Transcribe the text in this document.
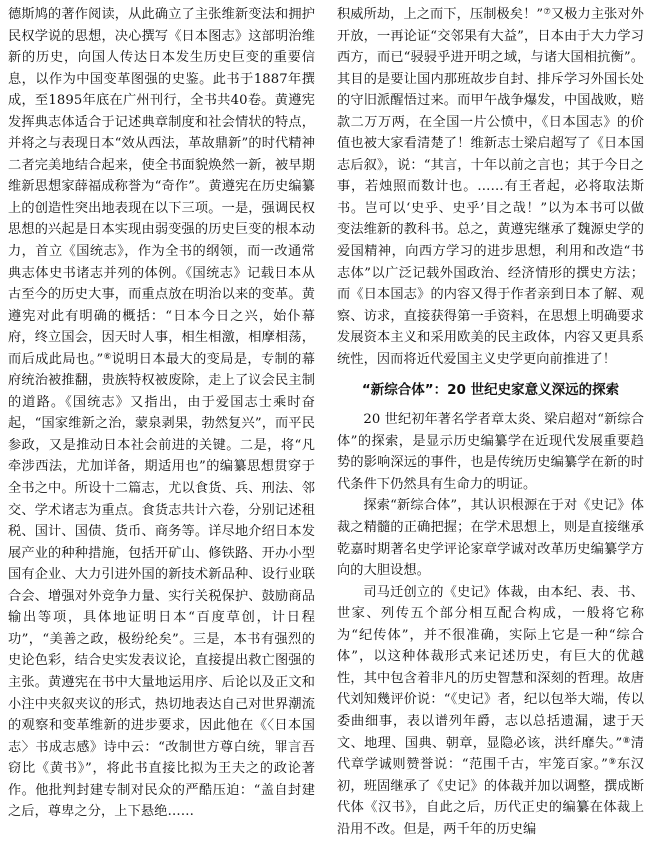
德斯鸠的著作阅读，从此确立了主张维新变法和拥护民权学说的思想，决心撰写《日本图志》这部明治维新的历史，向国人传达日本发生历史巨变的重要信息，以作为中国变革图强的史鉴。此书于1887年撰成，至1895年底在广州刊行，全书共40卷。黄遵宪发挥典志体适合于记述典章制度和社会情状的特点，并将之与表现日本“效从西法，革故鼎新”的时代精神二者完美地结合起来，使全书面貌焕然一新，被早期维新思想家薛福成称誉为“奇作”。黄遵宪在历史编纂上的创造性突出地表现在以下三项。一是，强调民权思想的兴起是日本实现由弱变强的历史巨变的根本动力，首立《国统志》，作为全书的纲领，而一改通常典志体史书诸志并列的体例。《国统志》记载日本从古至今的历史大事，而重点放在明治以来的变革。黄遵宪对此有明确的概括：“日本今日之兴，始仆幕府，终立国会，因天时人事，相生相激，相摩相荡，而后成此局也。”⑥说明日本最大的变局是，专制的幕府统治被推翻，贵族特权被废除，走上了议会民主制的道路。《国统志》又指出，由于爱国志士乘时奋起，“国家维新之治，蒙泉剥果，勃然复兴”，而平民参政，又是推动日本社会前进的关键。二是，将“凡牵涉西法，尤加详备，期适用也”的编纂思想贯穿于全书之中。所设十二篇志，尤以食货、兵、刑法、邻交、学术诸志为重点。食货志共计六卷，分别记述租税、国计、国债、货币、商务等。详尽地介绍日本发展产业的种种措施，包括开矿山、修铁路、开办小型国有企业、大力引进外国的新技术新品种、设行业联合会、增强对外竞争力量、实行关税保护、鼓励商品输出等项，具体地证明日本“百度草创，计日程功”，“美善之政，极纷纶矣”。三是，本书有强烈的史论色彩，结合史实发表议论，直接提出救亡图强的主张。黄遵宪在书中大量地运用序、后论以及正文和小注中夹叙夹议的形式，热切地表达自己对世界潮流的观察和变革维新的进步要求，因此他在《〈日本国志〉书成志感》诗中云：“改制世方尊白统，罪言吾窃比《黄书》”，将此书直接比拟为王夫之的政论著作。他批判封建专制对民众的严酷压迫：“盖自封建之后，尊卑之分，上下悬绝……

积威所劫，上之而下，压制极矣！”⑦又极力主张对外开放，一再论证“交邻果有大益”，日本由于大力学习西方，而已“骎骎乎进开明之域，与诸大国相抗衡”。其目的是要让国内那班故步自封、排斥学习外国长处的守旧派醒悟过来。而甲午战争爆发，中国战败，赔款二万万两，在全国一片公愤中，《日本国志》的价值也被大家看清楚了！维新志士梁启超写了《日本国志后叙》，说：“其言，十年以前之言也；其于今日之事，若烛照而数计也。……有王者起，必将取法斯书。岂可以‘史乎、史乎’目之哉！”以为本书可以做变法维新的教科书。总之，黄遵宪继承了魏源史学的爱国精神，向西方学习的进步思想，利用和改造“书志体”以广泛记载外国政治、经济情形的撰史方法；而《日本国志》的内容又得于作者亲到日本了解、观察、访求，直接获得第一手资料，在思想上明确要求发展资本主义和采用欧美的民主政体，内容又更具系统性，因而将近代爱国主义史学更向前推进了！

“新综合体”：20 世纪史家意义深远的探索

20 世纪初年著名学者章太炎、梁启超对“新综合体”的探索，是显示历史编纂学在近现代发展重要趋势的影响深远的事件，也是传统历史编纂学在新的时代条件下仍然具有生命力的明证。

探索“新综合体”，其认识根源在于对《史记》体裁之精髓的正确把握；在学术思想上，则是直接继承乾嘉时期著名史学评论家章学诚对改革历史编纂学方向的大胆设想。

司马迁创立的《史记》体裁，由本纪、表、书、世家、列传五个部分相互配合构成，一般将它称为“纪传体”，并不很准确，实际上它是一种“综合体”，以这种体裁形式来记述历史，有巨大的优越性，其中包含着非凡的历史智慧和深刻的哲理。故唐代刘知幾评价说：“《史记》者，纪以包举大端，传以委曲细事，表以谱列年爵，志以总括遗漏，逮于天文、地理、国典、朝章，显隐必该，洪纤靡失。”⑧清代章学诚则赞誉说：“范围千古，牢笼百家。”⑨东汉初，班固继承了《史记》的体裁并加以调整，撰成断代体《汉书》，自此之后，历代正史的编纂在体裁上沿用不改。但是，两千年的历史编
